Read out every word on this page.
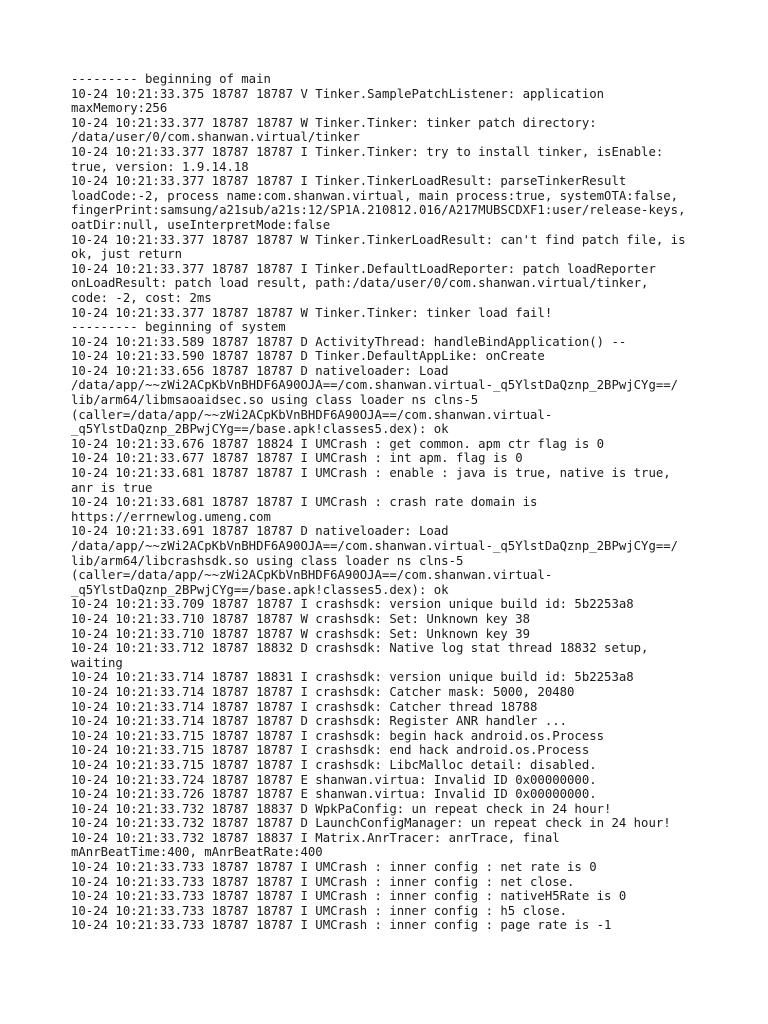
--------- beginning of main
10-24 10:21:33.375 18787 18787 V Tinker.SamplePatchListener: application
maxMemory:256
10-24 10:21:33.377 18787 18787 W Tinker.Tinker: tinker patch directory:
/data/user/0/com.shanwan.virtual/tinker
10-24 10:21:33.377 18787 18787 I Tinker.Tinker: try to install tinker, isEnable:
true, version: 1.9.14.18
10-24 10:21:33.377 18787 18787 I Tinker.TinkerLoadResult: parseTinkerResult
loadCode:-2, process name:com.shanwan.virtual, main process:true, systemOTA:false,
fingerPrint:samsung/a21sub/a21s:12/SP1A.210812.016/A217MUBSCDXF1:user/release-keys,
oatDir:null, useInterpretMode:false
10-24 10:21:33.377 18787 18787 W Tinker.TinkerLoadResult: can't find patch file, is
ok, just return
10-24 10:21:33.377 18787 18787 I Tinker.DefaultLoadReporter: patch loadReporter
onLoadResult: patch load result, path:/data/user/0/com.shanwan.virtual/tinker,
code: -2, cost: 2ms
10-24 10:21:33.377 18787 18787 W Tinker.Tinker: tinker load fail!
--------- beginning of system
10-24 10:21:33.589 18787 18787 D ActivityThread: handleBindApplication() --
10-24 10:21:33.590 18787 18787 D Tinker.DefaultAppLike: onCreate
10-24 10:21:33.656 18787 18787 D nativeloader: Load
/data/app/~~zWi2ACpKbVnBHDF6A90OJA==/com.shanwan.virtual-_q5YlstDaQznp_2BPwjCYg==/
lib/arm64/libmsaoaidsec.so using class loader ns clns-5
(caller=/data/app/~~zWi2ACpKbVnBHDF6A90OJA==/com.shanwan.virtual-
_q5YlstDaQznp_2BPwjCYg==/base.apk!classes5.dex): ok
10-24 10:21:33.676 18787 18824 I UMCrash : get common. apm ctr flag is 0
10-24 10:21:33.677 18787 18787 I UMCrash : int apm. flag is 0
10-24 10:21:33.681 18787 18787 I UMCrash : enable : java is true, native is true,
anr is true
10-24 10:21:33.681 18787 18787 I UMCrash : crash rate domain is
https://errnewlog.umeng.com
10-24 10:21:33.691 18787 18787 D nativeloader: Load
/data/app/~~zWi2ACpKbVnBHDF6A90OJA==/com.shanwan.virtual-_q5YlstDaQznp_2BPwjCYg==/
lib/arm64/libcrashsdk.so using class loader ns clns-5
(caller=/data/app/~~zWi2ACpKbVnBHDF6A90OJA==/com.shanwan.virtual-
_q5YlstDaQznp_2BPwjCYg==/base.apk!classes5.dex): ok
10-24 10:21:33.709 18787 18787 I crashsdk: version unique build id: 5b2253a8
10-24 10:21:33.710 18787 18787 W crashsdk: Set: Unknown key 38
10-24 10:21:33.710 18787 18787 W crashsdk: Set: Unknown key 39
10-24 10:21:33.712 18787 18832 D crashsdk: Native log stat thread 18832 setup,
waiting
10-24 10:21:33.714 18787 18831 I crashsdk: version unique build id: 5b2253a8
10-24 10:21:33.714 18787 18787 I crashsdk: Catcher mask: 5000, 20480
10-24 10:21:33.714 18787 18787 I crashsdk: Catcher thread 18788
10-24 10:21:33.714 18787 18787 D crashsdk: Register ANR handler ...
10-24 10:21:33.715 18787 18787 I crashsdk: begin hack android.os.Process
10-24 10:21:33.715 18787 18787 I crashsdk: end hack android.os.Process
10-24 10:21:33.715 18787 18787 I crashsdk: LibcMalloc detail: disabled.
10-24 10:21:33.724 18787 18787 E shanwan.virtua: Invalid ID 0x00000000.
10-24 10:21:33.726 18787 18787 E shanwan.virtua: Invalid ID 0x00000000.
10-24 10:21:33.732 18787 18837 D WpkPaConfig: un repeat check in 24 hour!
10-24 10:21:33.732 18787 18787 D LaunchConfigManager: un repeat check in 24 hour!
10-24 10:21:33.732 18787 18837 I Matrix.AnrTracer: anrTrace, final
mAnrBeatTime:400, mAnrBeatRate:400
10-24 10:21:33.733 18787 18787 I UMCrash : inner config : net rate is 0
10-24 10:21:33.733 18787 18787 I UMCrash : inner config : net close.
10-24 10:21:33.733 18787 18787 I UMCrash : inner config : nativeH5Rate is 0
10-24 10:21:33.733 18787 18787 I UMCrash : inner config : h5 close.
10-24 10:21:33.733 18787 18787 I UMCrash : inner config : page rate is -1
